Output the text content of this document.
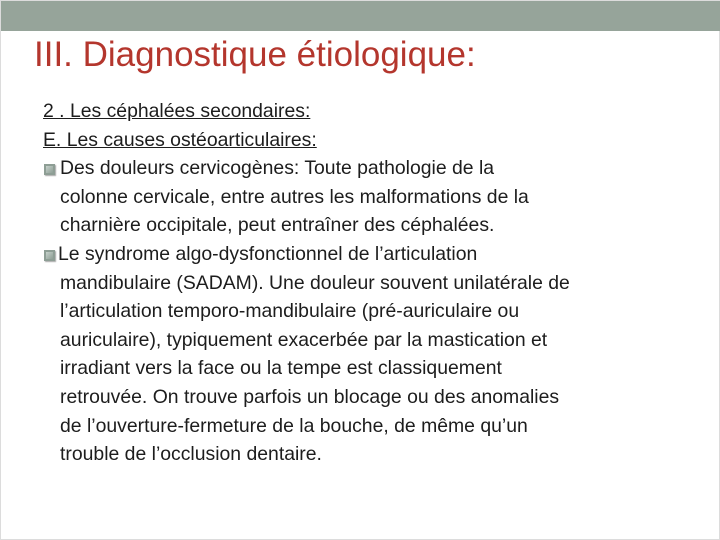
III. Diagnostique étiologique:
2 . Les céphalées secondaires:
E. Les causes ostéoarticulaires:
Des douleurs cervicogènes: Toute pathologie de la
colonne cervicale, entre autres les malformations de la
charnière occipitale, peut entraîner des céphalées.
Le syndrome algo-dysfonctionnel de l’articulation
mandibulaire (SADAM). Une douleur souvent unilatérale de
l’articulation temporo-mandibulaire (pré-auriculaire ou
auriculaire), typiquement exacerbée par la mastication et
irradiant vers la face ou la tempe est classiquement
retrouvée. On trouve parfois un blocage ou des anomalies
de l’ouverture-fermeture de la bouche, de même qu’un
trouble de l’occlusion dentaire.
